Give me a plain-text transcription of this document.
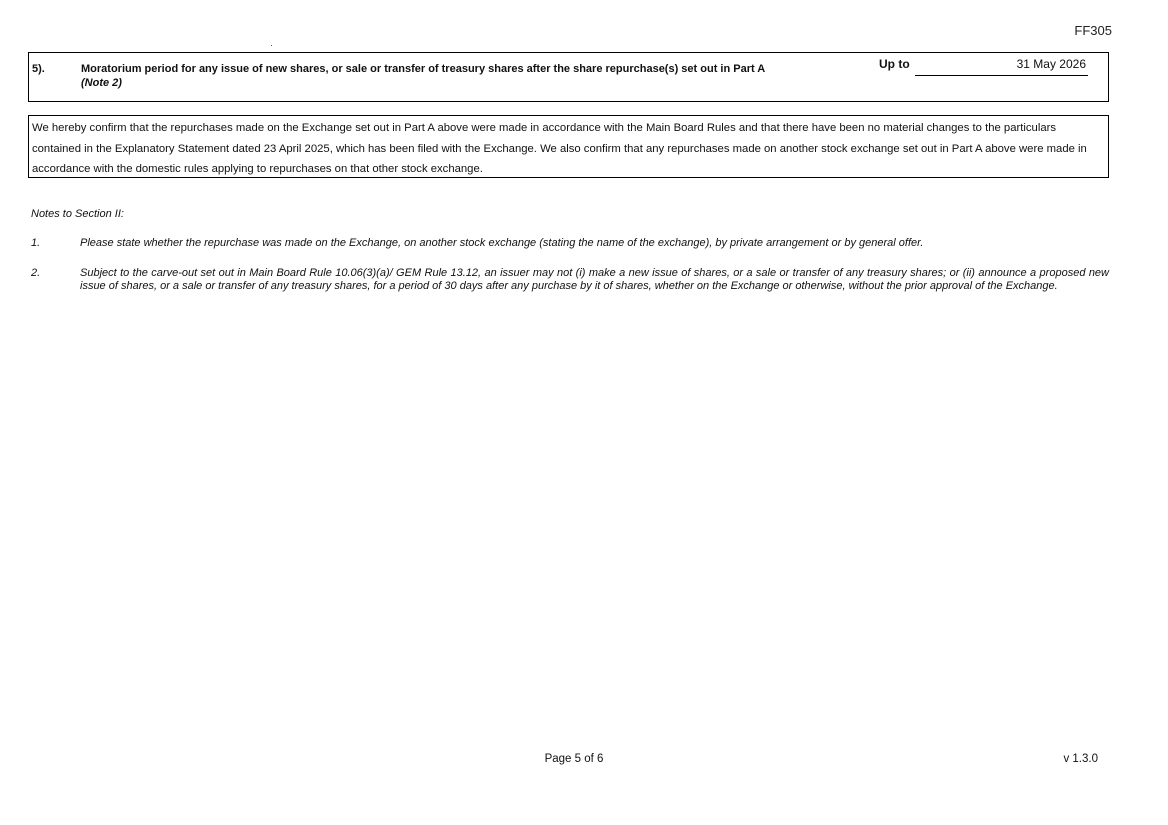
FF305
5).	Moratorium period for any issue of new shares, or sale or transfer of treasury shares after the share repurchase(s) set out in Part A
(Note 2)
Up to	31 May 2026
We hereby confirm that the repurchases made on the Exchange set out in Part A above were made in accordance with the Main Board Rules and that there have been no material changes to the particulars contained in the Explanatory Statement dated 23 April 2025, which has been filed with the Exchange. We also confirm that any repurchases made on another stock exchange set out in Part A above were made in accordance with the domestic rules applying to repurchases on that other stock exchange.
Notes to Section II:
1.	Please state whether the repurchase was made on the Exchange, on another stock exchange (stating the name of the exchange), by private arrangement or by general offer.
2.	Subject to the carve-out set out in Main Board Rule 10.06(3)(a)/ GEM Rule 13.12, an issuer may not (i) make a new issue of shares, or a sale or transfer of any treasury shares; or (ii) announce a proposed new issue of shares, or a sale or transfer of any treasury shares, for a period of 30 days after any purchase by it of shares, whether on the Exchange or otherwise, without the prior approval of the Exchange.
Page 5 of 6	v 1.3.0
